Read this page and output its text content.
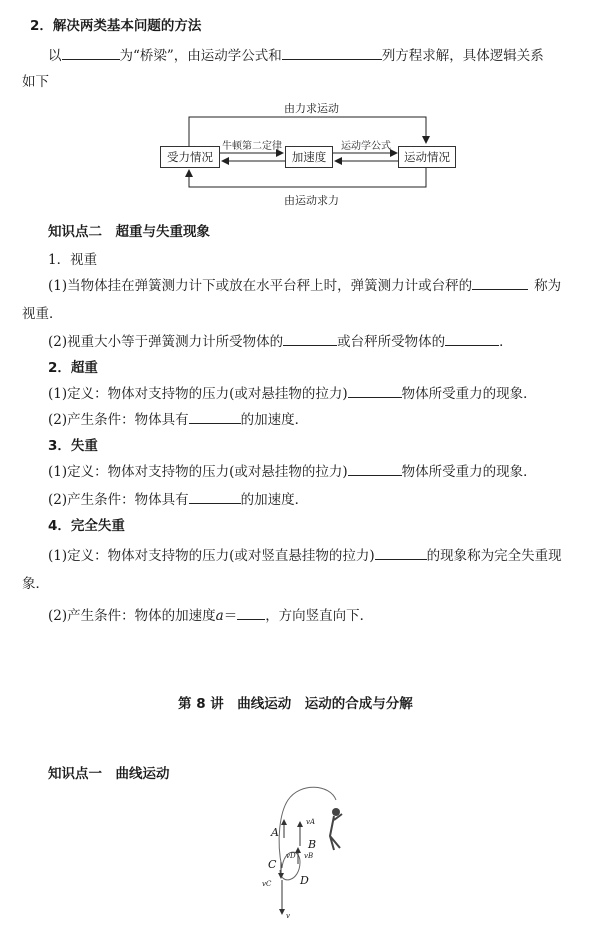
2．解决两类基本问题的方法
以	为“桥梁”，由运动学公式和	列方程求解，具体逻辑关系
如下
由力求运动
由运动求力
牛顿第二定律	运动学公式
受力情况	加速度	运动情况
知识点二　超重与失重现象
1．视重
(1)当物体挂在弹簧测力计下或放在水平台秤上时，弹簧测力计或台秤的	称为
视重．
(2)视重大小等于弹簧测力计所受物体的	或台秤所受物体的	．
2．超重
(1)定义：物体对支持物的压力(或对悬挂物的拉力)	物体所受重力的现象．
(2)产生条件：物体具有	的加速度．
3．失重
(1)定义：物体对支持物的压力(或对悬挂物的拉力)	物体所受重力的现象．
(2)产生条件：物体具有	的加速度．
4．完全失重
(1)定义：物体对支持物的压力(或对竖直悬挂物的拉力)	的现象称为完全失重现
象．
(2)产生条件：物体的加速度a＝ ，方向竖直向下．
第 8 讲　曲线运动　运动的合成与分解
知识点一　曲线运动
A
B
C
D
vA
vB
vC
vD
v
